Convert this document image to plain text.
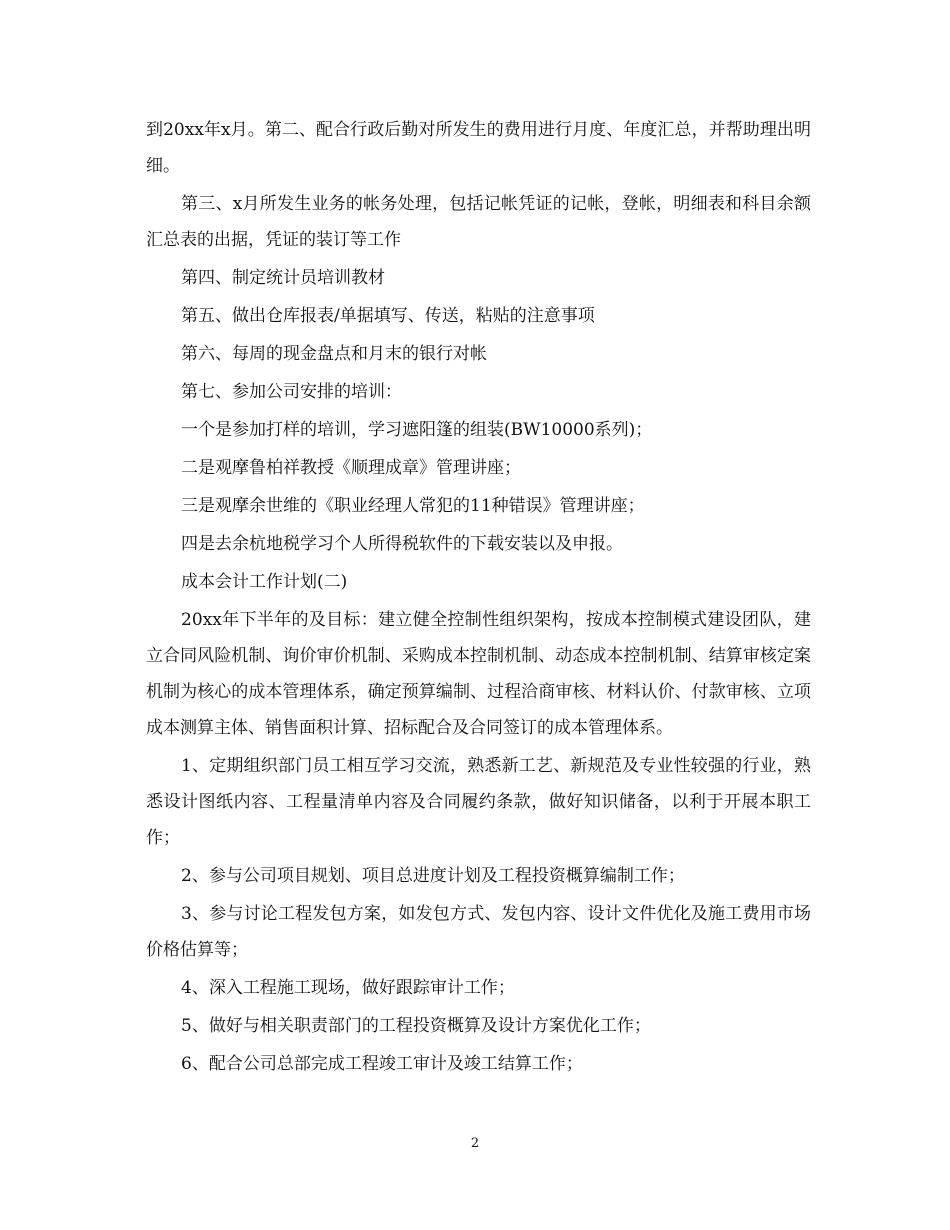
到20xx年x月。第二、配合行政后勤对所发生的费用进行月度、年度汇总，并帮助理出明细。

第三、x月所发生业务的帐务处理，包括记帐凭证的记帐，登帐，明细表和科目余额汇总表的出据，凭证的装订等工作

第四、制定统计员培训教材

第五、做出仓库报表/单据填写、传送，粘贴的注意事项

第六、每周的现金盘点和月末的银行对帐

第七、参加公司安排的培训：

一个是参加打样的培训，学习遮阳篷的组装(BW10000系列)；

二是观摩鲁柏祥教授《顺理成章》管理讲座；

三是观摩余世维的《职业经理人常犯的11种错误》管理讲座；

四是去余杭地税学习个人所得税软件的下载安装以及申报。

成本会计工作计划(二)

20xx年下半年的及目标：建立健全控制性组织架构，按成本控制模式建设团队，建立合同风险机制、询价审价机制、采购成本控制机制、动态成本控制机制、结算审核定案机制为核心的成本管理体系，确定预算编制、过程洽商审核、材料认价、付款审核、立项成本测算主体、销售面积计算、招标配合及合同签订的成本管理体系。

1、定期组织部门员工相互学习交流，熟悉新工艺、新规范及专业性较强的行业，熟悉设计图纸内容、工程量清单内容及合同履约条款，做好知识储备，以利于开展本职工作；

2、参与公司项目规划、项目总进度计划及工程投资概算编制工作；

3、参与讨论工程发包方案，如发包方式、发包内容、设计文件优化及施工费用市场价格估算等；

4、深入工程施工现场，做好跟踪审计工作；

5、做好与相关职责部门的工程投资概算及设计方案优化工作；

6、配合公司总部完成工程竣工审计及竣工结算工作；

2
